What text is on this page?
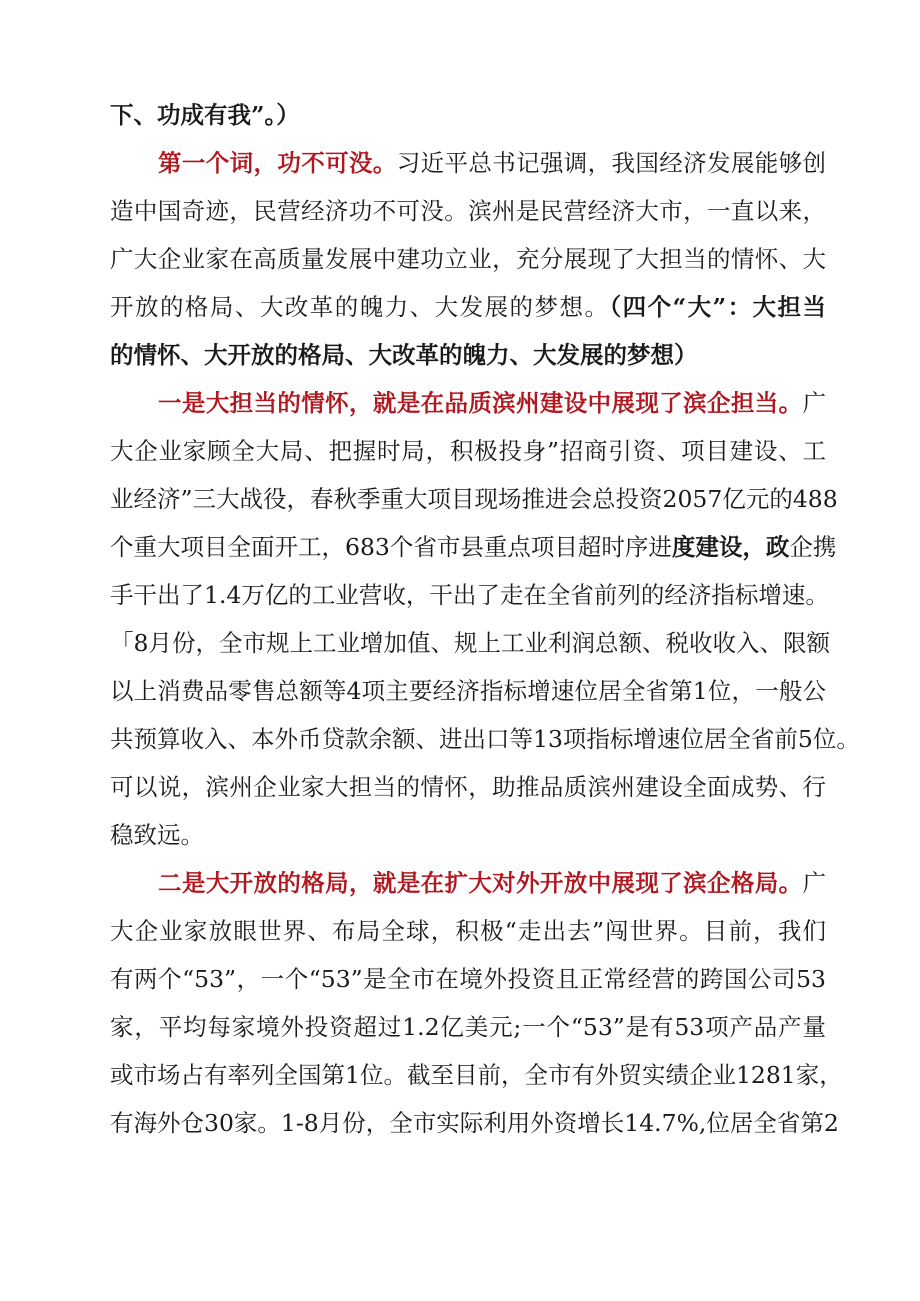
下、功成有我”。）
第一个词，功不可没。习近平总书记强调，我国经济发展能够创
造中国奇迹，民营经济功不可没。滨州是民营经济大市，一直以来，
广大企业家在高质量发展中建功立业，充分展现了大担当的情怀、大
开放的格局、大改革的魄力、大发展的梦想。（四个“大”：大担当
的情怀、大开放的格局、大改革的魄力、大发展的梦想）
一是大担当的情怀，就是在品质滨州建设中展现了滨企担当。广
大企业家顾全大局、把握时局，积极投身”招商引资、项目建设、工
业经济”三大战役，春秋季重大项目现场推进会总投资2057亿元的488
个重大项目全面开工，683个省市县重点项目超时序进度建设，政企携
手干出了1.4万亿的工业营收，干出了走在全省前列的经济指标增速。
「8月份，全市规上工业增加值、规上工业利润总额、税收收入、限额
以上消费品零售总额等4项主要经济指标增速位居全省第1位，一般公
共预算收入、本外币贷款余额、进出口等13项指标增速位居全省前5位。
可以说，滨州企业家大担当的情怀，助推品质滨州建设全面成势、行
稳致远。
二是大开放的格局，就是在扩大对外开放中展现了滨企格局。广
大企业家放眼世界、布局全球，积极“走出去”闯世界。目前，我们
有两个“53”，一个“53”是全市在境外投资且正常经营的跨国公司53
家，平均每家境外投资超过1.2亿美元;一个“53”是有53项产品产量
或市场占有率列全国第1位。截至目前，全市有外贸实绩企业1281家，
有海外仓30家。1-8月份，全市实际利用外资增长14.7%,位居全省第2
